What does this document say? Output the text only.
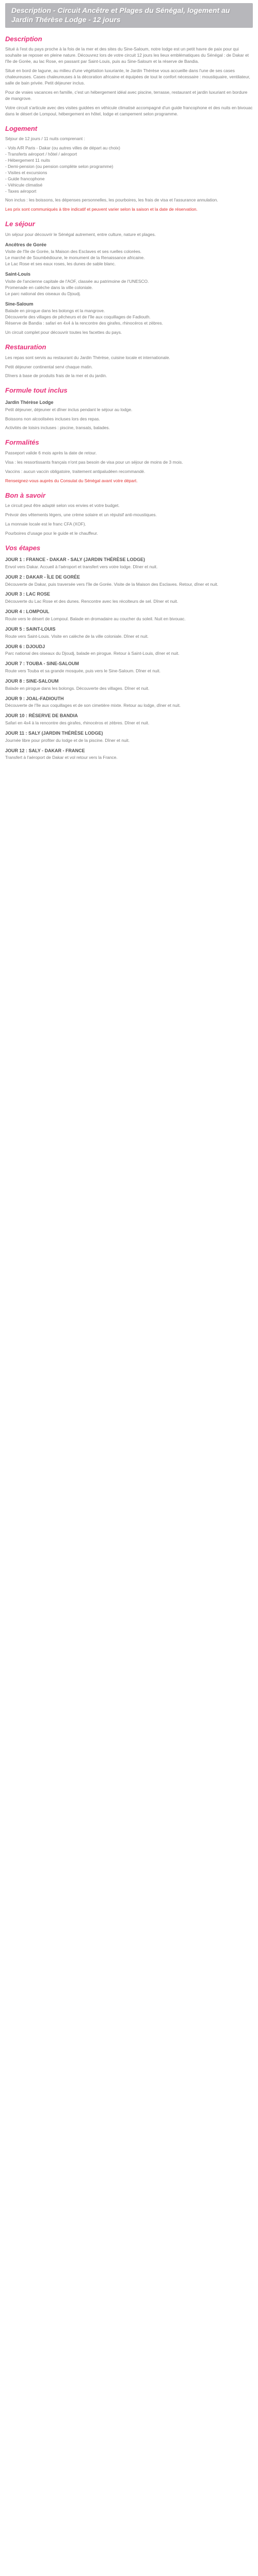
Description - Circuit Ancêtre et Plages du Sénégal, logement au Jardin Thérèse Lodge - 12 jours
Description

Situé à l'est du pays proche à la fois de la mer et des sites du Sine-Saloum, notre lodge est un petit havre de paix pour qui souhaite se reposer en pleine nature. Découvrez lors de votre circuit 12 jours les lieux emblématiques du Sénégal : de Dakar et l'île de Gorée, au lac Rose, en passant par Saint-Louis, puis au Sine-Saloum et la réserve de Bandia.

Situé en bord de lagune, au milieu d'une végétation luxuriante, le Jardin Thérèse vous accueille dans l'une de ses cases chaleureuses. Cases chaleureuses à la décoration africaine et équipées de tout le confort nécessaire : moustiquaire, ventilateur, salle de bain privée. Petit déjeuner inclus.

Pour de vraies vacances en famille, c'est un hébergement idéal avec piscine, terrasse, restaurant et jardin luxuriant en bordure de mangrove.

Votre circuit s'articule avec des visites guidées en véhicule climatisé accompagné d'un guide francophone et des nuits en bivouac dans le désert de Lompoul, hébergement en hôtel, lodge et campement selon programme.

Logement

Séjour de 12 jours / 11 nuits comprenant :

- Vols A/R Paris - Dakar (ou autres villes de départ au choix)
- Transferts aéroport / hôtel / aéroport
- Hébergement 11 nuits
- Demi-pension (ou pension complète selon programme)
- Visites et excursions
- Guide francophone
- Véhicule climatisé
- Taxes aéroport

Non inclus : les boissons, les dépenses personnelles, les pourboires, les frais de visa et l'assurance annulation.

Les prix sont communiqués à titre indicatif et peuvent varier selon la saison et la date de réservation.

Le séjour

Un séjour pour découvrir le Sénégal autrement, entre culture, nature et plages.

Ancêtres de Gorée
Visite de l'île de Gorée, la Maison des Esclaves et ses ruelles colorées.
Le marché de Soumbédioune, le monument de la Renaissance africaine.
Le Lac Rose et ses eaux roses, les dunes de sable blanc.
Saint-Louis
Visite de l'ancienne capitale de l'AOF, classée au patrimoine de l'UNESCO.
Promenade en calèche dans la ville coloniale.
Le parc national des oiseaux du Djoudj.
Sine-Saloum
Balade en pirogue dans les bolongs et la mangrove.
Découverte des villages de pêcheurs et de l'île aux coquillages de Fadiouth.
Réserve de Bandia : safari en 4x4 à la rencontre des girafes, rhinocéros et zèbres.

Un circuit complet pour découvrir toutes les facettes du pays.

Restauration

Les repas sont servis au restaurant du Jardin Thérèse, cuisine locale et internationale.

Petit déjeuner continental servi chaque matin.

Dîners à base de produits frais de la mer et du jardin.

Formule tout inclus
Jardin Thérèse Lodge

Petit déjeuner, déjeuner et dîner inclus pendant le séjour au lodge.

Boissons non alcoolisées incluses lors des repas.

Activités de loisirs incluses : piscine, transats, balades.

Formalités

Passeport valide 6 mois après la date de retour.

Visa : les ressortissants français n'ont pas besoin de visa pour un séjour de moins de 3 mois.

Vaccins : aucun vaccin obligatoire, traitement antipaludéen recommandé.

Renseignez-vous auprès du Consulat du Sénégal avant votre départ.

Bon à savoir

Le circuit peut être adapté selon vos envies et votre budget.

Prévoir des vêtements légers, une crème solaire et un répulsif anti-moustiques.

La monnaie locale est le franc CFA (XOF).

Pourboires d'usage pour le guide et le chauffeur.

Vos étapes
JOUR 1 : FRANCE - DAKAR - SALY (JARDIN THÉRÈSE LODGE)

Envol vers Dakar. Accueil à l'aéroport et transfert vers votre lodge. Dîner et nuit.

JOUR 2 : DAKAR - ÎLE DE GORÉE

Découverte de Dakar, puis traversée vers l'île de Gorée. Visite de la Maison des Esclaves. Retour, dîner et nuit.

JOUR 3 : LAC ROSE

Découverte du Lac Rose et des dunes. Rencontre avec les récolteurs de sel. Dîner et nuit.

JOUR 4 : LOMPOUL

Route vers le désert de Lompoul. Balade en dromadaire au coucher du soleil. Nuit en bivouac.

JOUR 5 : SAINT-LOUIS

Route vers Saint-Louis. Visite en calèche de la ville coloniale. Dîner et nuit.

JOUR 6 : DJOUDJ

Parc national des oiseaux du Djoudj, balade en pirogue. Retour à Saint-Louis, dîner et nuit.

JOUR 7 : TOUBA - SINE-SALOUM

Route vers Touba et sa grande mosquée, puis vers le Sine-Saloum. Dîner et nuit.

JOUR 8 : SINE-SALOUM

Balade en pirogue dans les bolongs. Découverte des villages. Dîner et nuit.

JOUR 9 : JOAL-FADIOUTH

Découverte de l'île aux coquillages et de son cimetière mixte. Retour au lodge, dîner et nuit.

JOUR 10 : RÉSERVE DE BANDIA

Safari en 4x4 à la rencontre des girafes, rhinocéros et zèbres. Dîner et nuit.

JOUR 11 : SALY (JARDIN THÉRÈSE LODGE)

Journée libre pour profiter du lodge et de la piscine. Dîner et nuit.

JOUR 12 : SALY - DAKAR - FRANCE

Transfert à l'aéroport de Dakar et vol retour vers la France.
